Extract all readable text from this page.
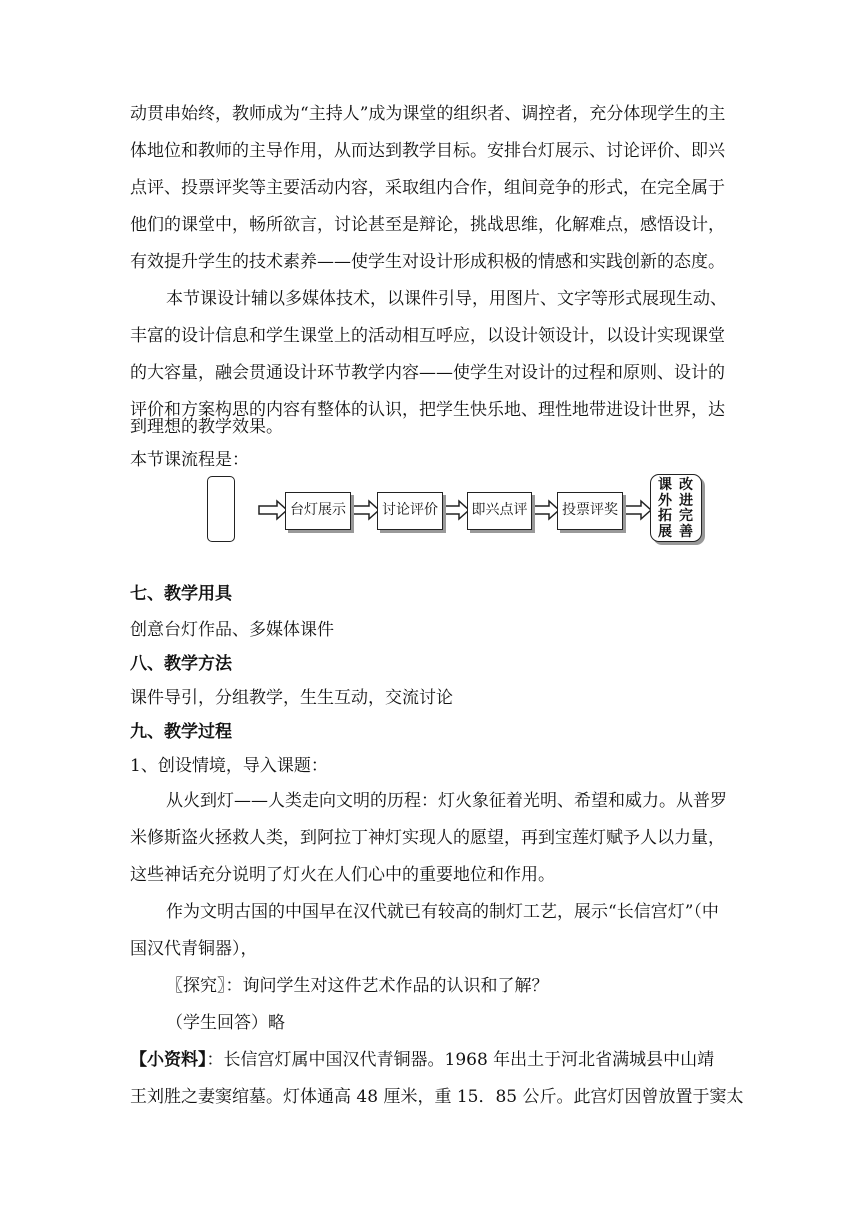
动贯串始终，教师成为“主持人”成为课堂的组织者、调控者，充分体现学生的主
体地位和教师的主导作用，从而达到教学目标。安排台灯展示、讨论评价、即兴
点评、投票评奖等主要活动内容，采取组内合作，组间竞争的形式，在完全属于
他们的课堂中，畅所欲言，讨论甚至是辩论，挑战思维，化解难点，感悟设计，
有效提升学生的技术素养——使学生对设计形成积极的情感和实践创新的态度。
本节课设计辅以多媒体技术，以课件引导，用图片、文字等形式展现生动、
丰富的设计信息和学生课堂上的活动相互呼应，以设计领设计，以设计实现课堂
的大容量，融会贯通设计环节教学内容——使学生对设计的过程和原则、设计的
评价和方案构思的内容有整体的认识，把学生快乐地、理性地带进设计世界，达
到理想的教学效果。
本节课流程是：
台灯展示	讨论评价 即兴点评 投票评奖
课外拓展
改进完善
七、教学用具
创意台灯作品、多媒体课件
八、教学方法
课件导引，分组教学，生生互动，交流讨论
九、教学过程
1、创设情境，导入课题：
从火到灯——人类走向文明的历程：灯火象征着光明、希望和威力。从普罗
米修斯盗火拯救人类，到阿拉丁神灯实现人的愿望，再到宝莲灯赋予人以力量，
这些神话充分说明了灯火在人们心中的重要地位和作用。
作为文明古国的中国早在汉代就已有较高的制灯工艺，展示“长信宫灯”（中
国汉代青铜器），
〖探究〗：询问学生对这件艺术作品的认识和了解？
（学生回答）略
【小资料】：长信宫灯属中国汉代青铜器。1968 年出土于河北省满城县中山靖
王刘胜之妻窦绾墓。灯体通高 48 厘米，重 15．85 公斤。此宫灯因曾放置于窦太
